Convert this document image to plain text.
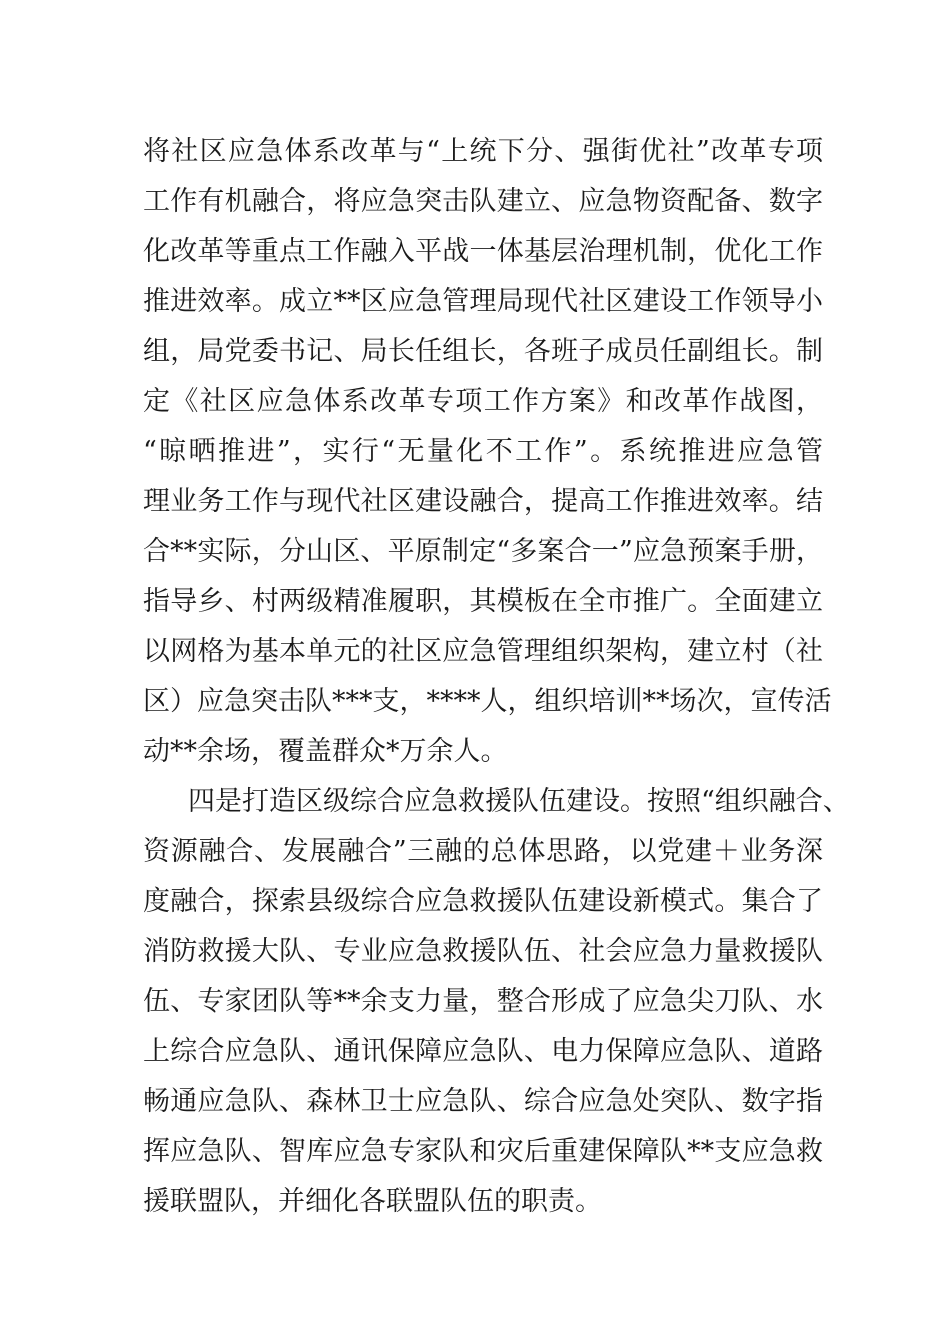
将社区应急体系改革与“上统下分、强街优社”改革专项
工作有机融合，将应急突击队建立、应急物资配备、数字
化改革等重点工作融入平战一体基层治理机制，优化工作
推进效率。成立**区应急管理局现代社区建设工作领导小
组，局党委书记、局长任组长，各班子成员任副组长。制
定《社区应急体系改革专项工作方案》和改革作战图，
“晾晒推进”，实行“无量化不工作”。系统推进应急管
理业务工作与现代社区建设融合，提高工作推进效率。结
合**实际，分山区、平原制定“多案合一”应急预案手册，
指导乡、村两级精准履职，其模板在全市推广。全面建立
以网格为基本单元的社区应急管理组织架构，建立村（社
区）应急突击队***支，****人，组织培训**场次，宣传活
动**余场，覆盖群众*万余人。
四是打造区级综合应急救援队伍建设。按照“组织融合、
资源融合、发展融合”三融的总体思路，以党建＋业务深
度融合，探索县级综合应急救援队伍建设新模式。集合了
消防救援大队、专业应急救援队伍、社会应急力量救援队
伍、专家团队等**余支力量，整合形成了应急尖刀队、水
上综合应急队、通讯保障应急队、电力保障应急队、道路
畅通应急队、森林卫士应急队、综合应急处突队、数字指
挥应急队、智库应急专家队和灾后重建保障队**支应急救
援联盟队，并细化各联盟队伍的职责。
